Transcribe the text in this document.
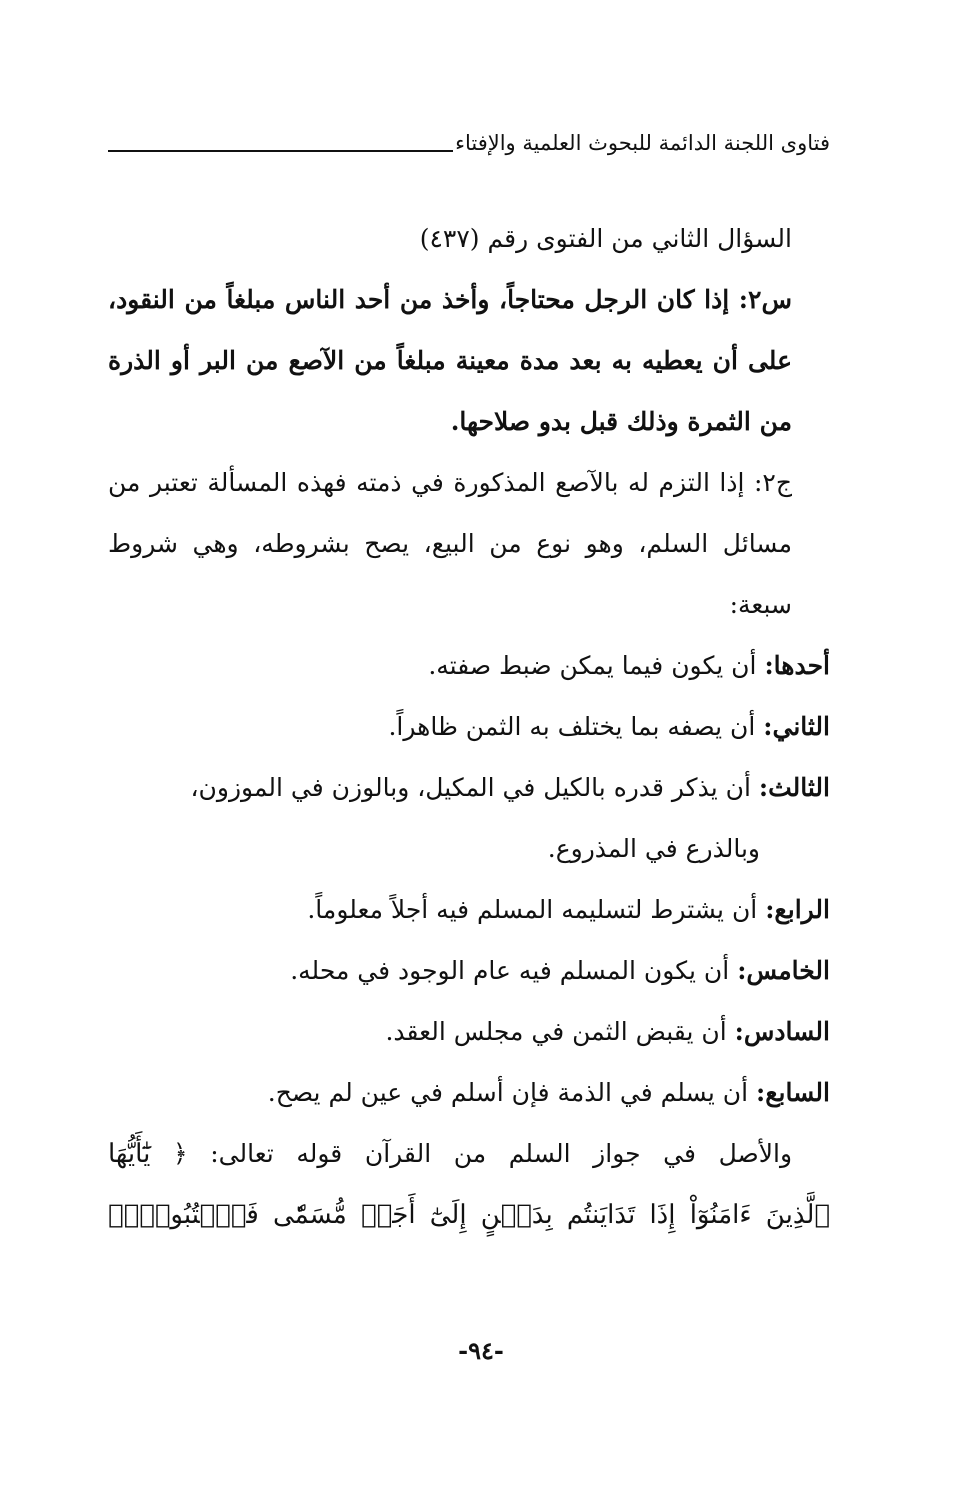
فتاوى اللجنة الدائمة للبحوث العلمية والإفتاء

السؤال الثاني من الفتوى رقم (٤٣٧)

س٢: إذا كان الرجل محتاجاً، وأخذ من أحد الناس مبلغاً من النقود، على أن يعطيه به بعد مدة معينة مبلغاً من الآصع من البر أو الذرة من الثمرة وذلك قبل بدو صلاحها.

ج٢: إذا التزم له بالآصع المذكورة في ذمته فهذه المسألة تعتبر من مسائل السلم، وهو نوع من البيع، يصح بشروطه، وهي شروط سبعة:

أحدها: أن يكون فيما يمكن ضبط صفته.

الثاني: أن يصفه بما يختلف به الثمن ظاهراً.

الثالث: أن يذكر قدره بالكيل في المكيل، وبالوزن في الموزون،

وبالذرع في المذروع.

الرابع: أن يشترط لتسليمه المسلم فيه أجلاً معلوماً.

الخامس: أن يكون المسلم فيه عام الوجود في محله.

السادس: أن يقبض الثمن في مجلس العقد.

السابع: أن يسلم في الذمة فإن أسلم في عين لم يصح.

والأصل في جواز السلم من القرآن قوله تعالى: ﴿ يَٰٓأَيُّهَا

ٱلَّذِينَ ءَامَنُوٓاْ إِذَا تَدَايَنتُم بِدَيۡنٍ إِلَىٰٓ أَجَلٖ مُّسَمّٗى فَٱكۡتُبُوهُۚ﴾

-٩٤-
